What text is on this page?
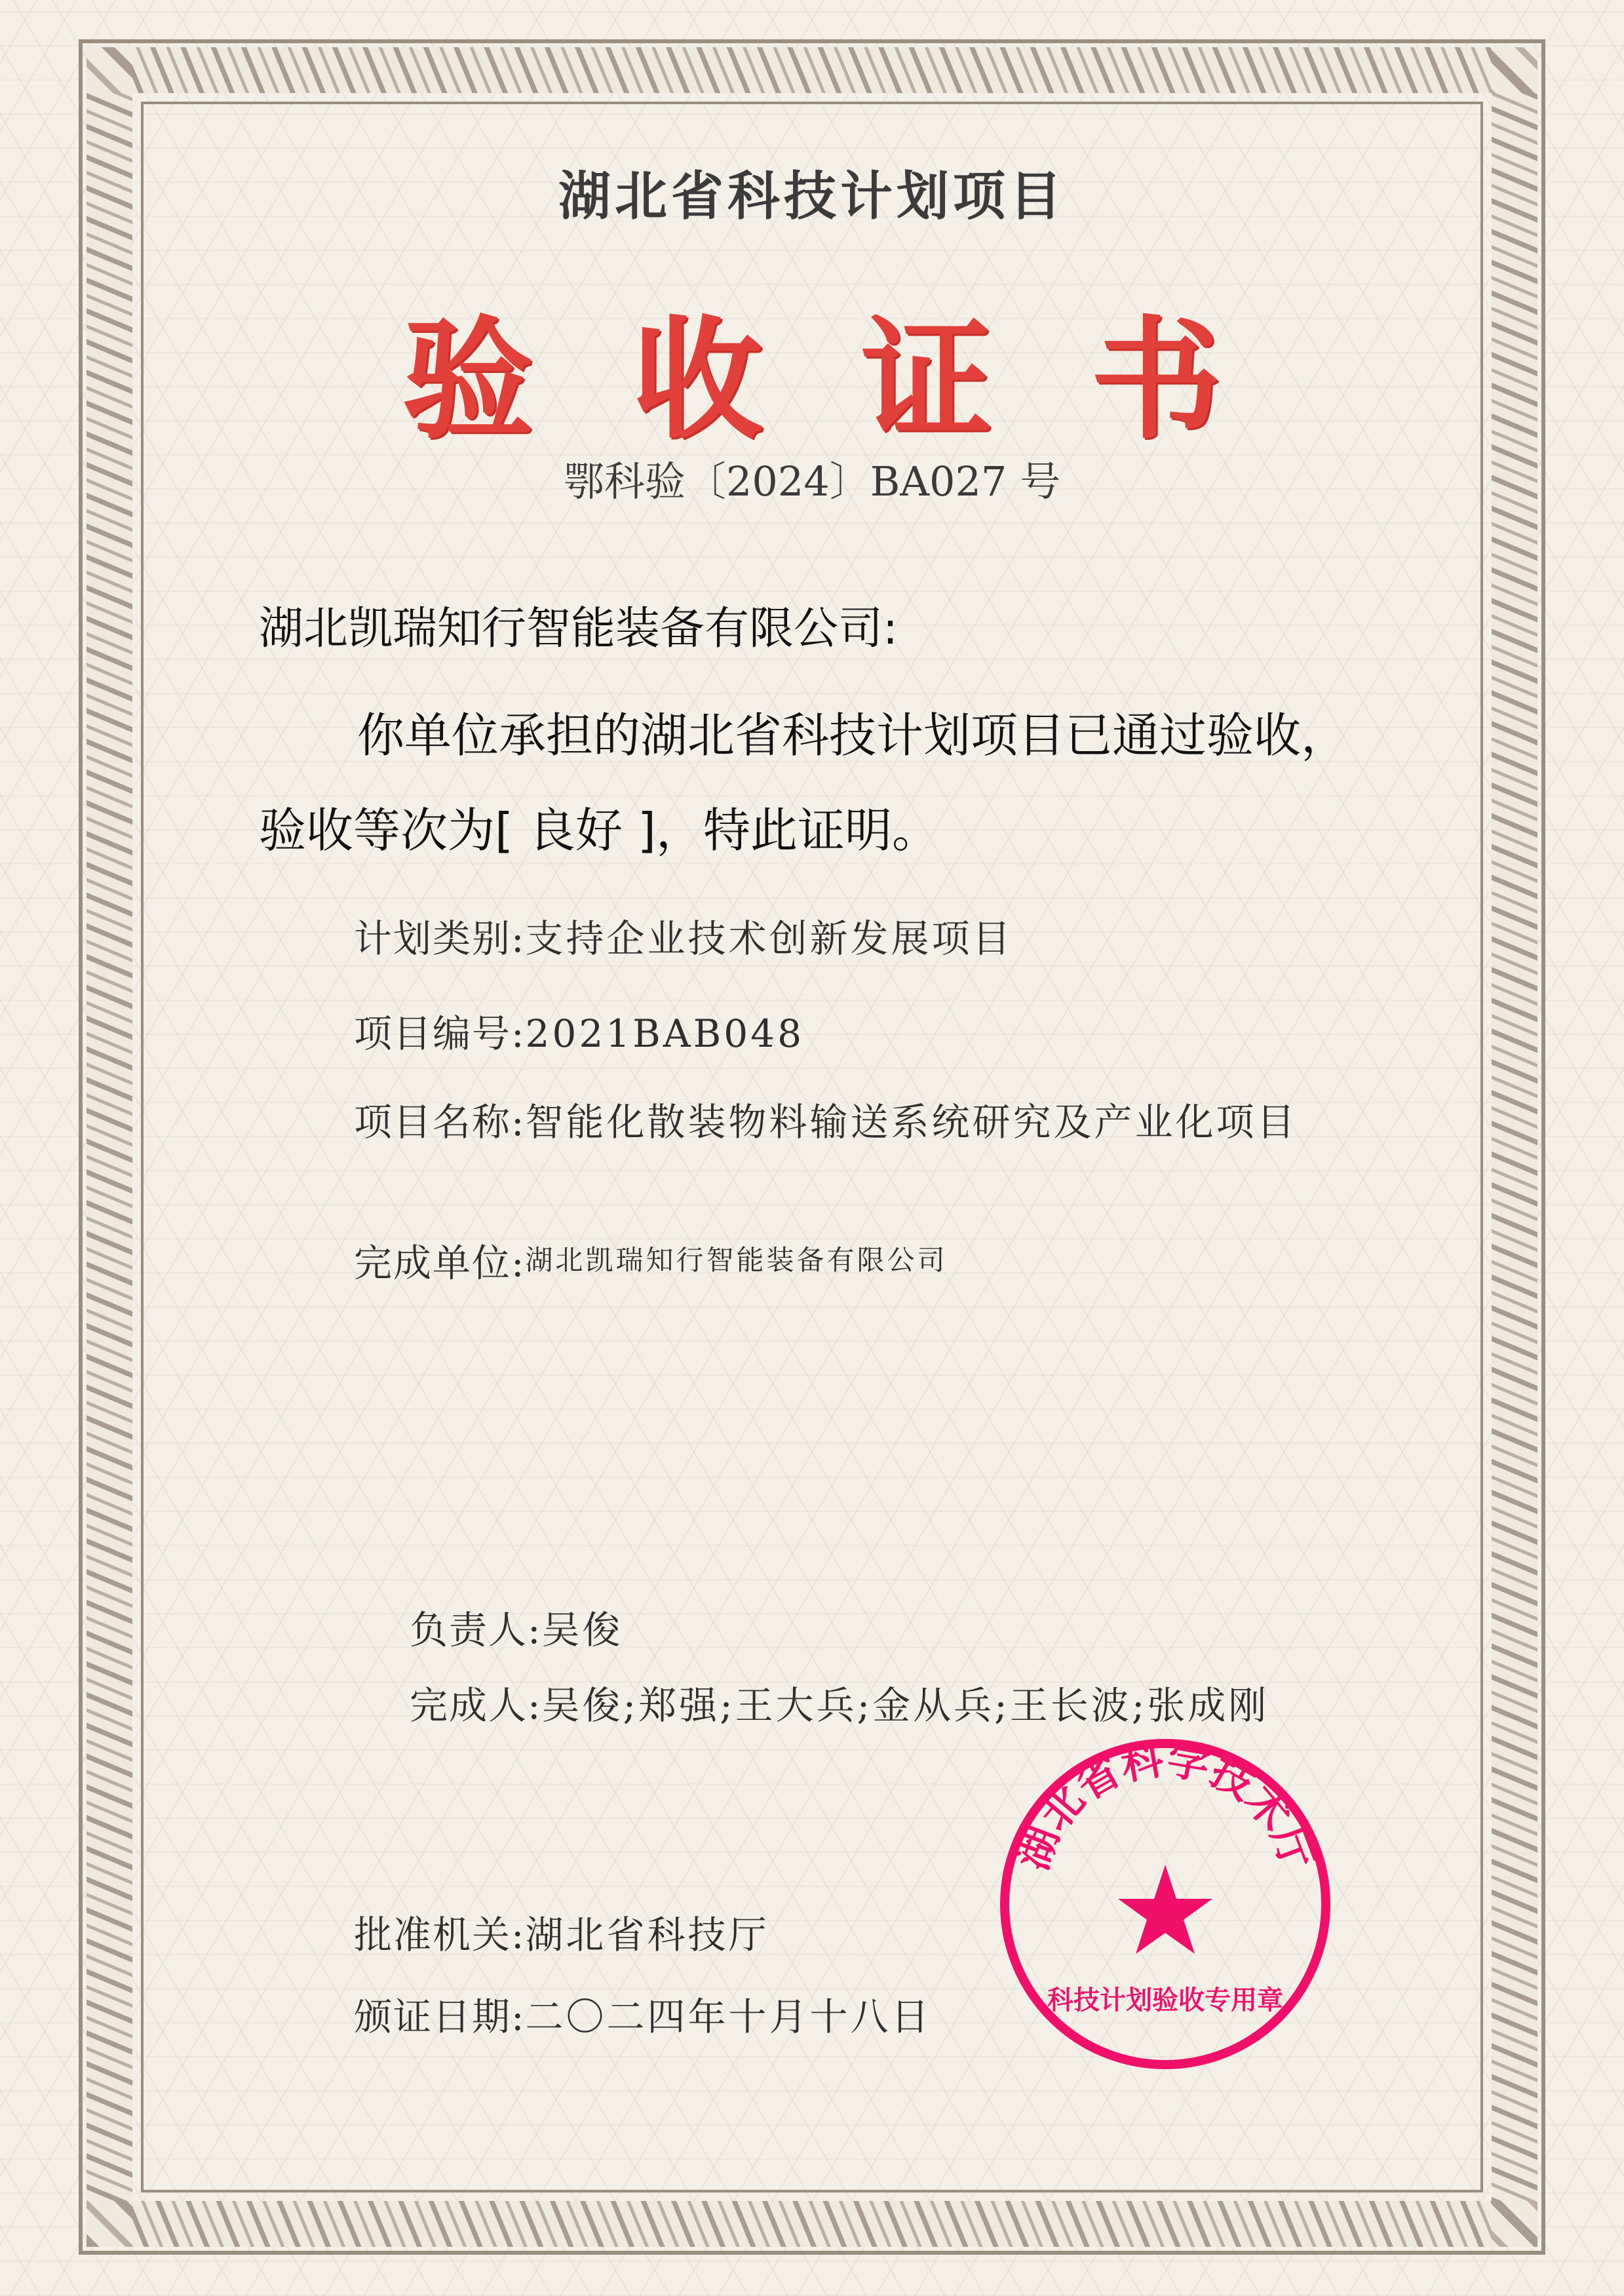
湖北省科技计划项目
验收证书
鄂科验〔2024〕BA027 号
湖北凯瑞知行智能装备有限公司:
你单位承担的湖北省科技计划项目已通过验收，
验收等次为[ 良好 ]，特此证明。
计划类别:支持企业技术创新发展项目
项目编号:2021BAB048
项目名称:智能化散装物料输送系统研究及产业化项目
完成单位:湖北凯瑞知行智能装备有限公司
负责人:吴俊
完成人:吴俊;郑强;王大兵;金从兵;王长波;张成刚
批准机关:湖北省科技厅
颁证日期:二〇二四年十月十八日
湖北省科学技术厅
科技计划验收专用章
